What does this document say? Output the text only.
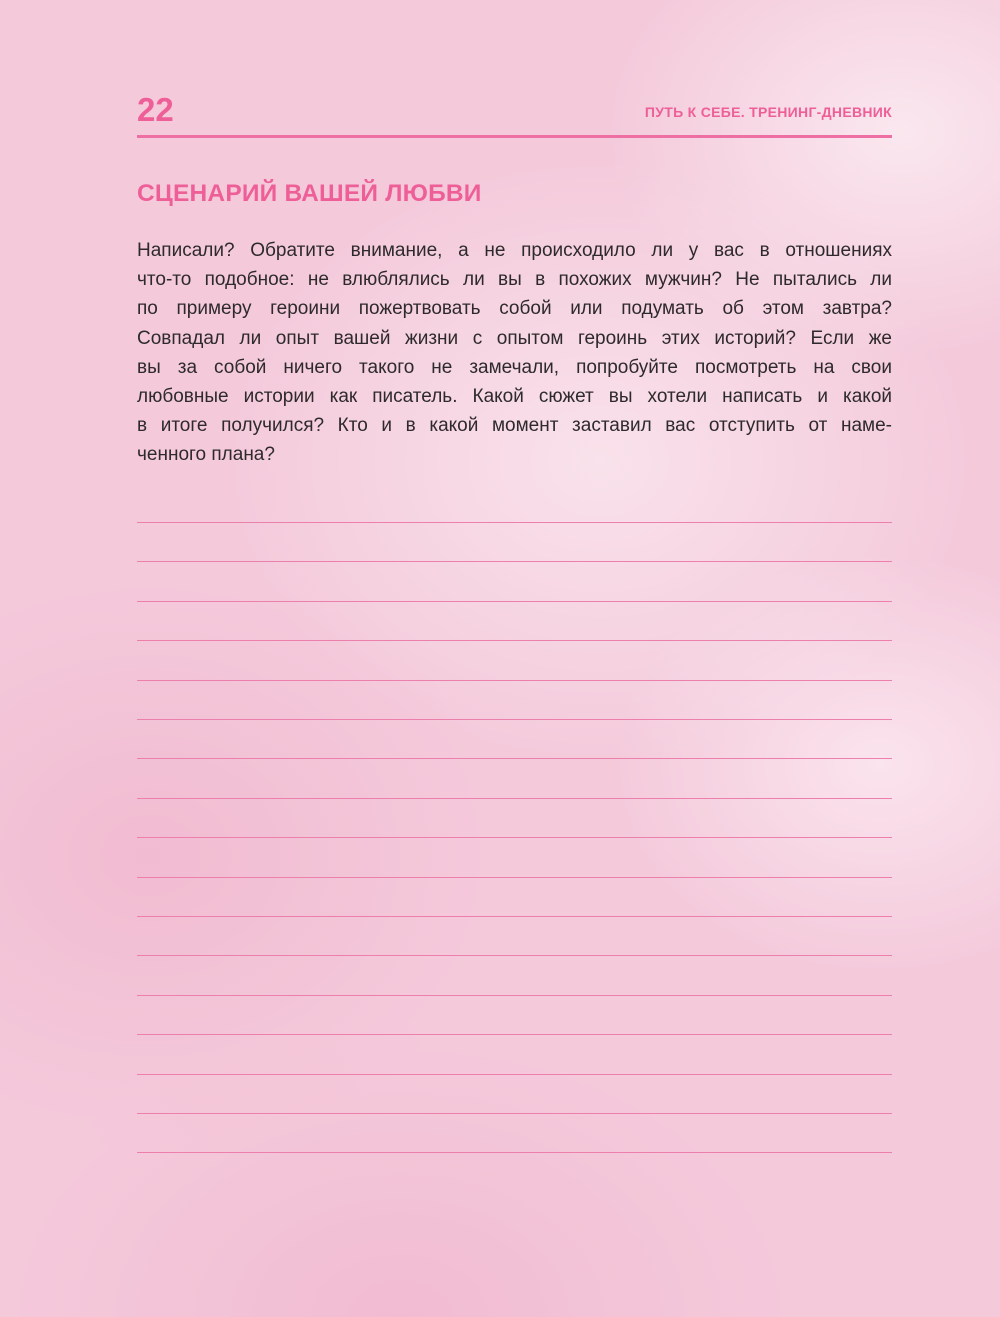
22	ПУТЬ К СЕБЕ. ТРЕНИНГ-ДНЕВНИК
СЦЕНАРИЙ ВАШЕЙ ЛЮБВИ

Написали? Обратите внимание, а не происходило ли у вас в отношениях
что-то подобное: не влюблялись ли вы в похожих мужчин? Не пытались ли
по примеру героини пожертвовать собой или подумать об этом завтра?
Совпадал ли опыт вашей жизни с опытом героинь этих историй? Если же
вы за собой ничего такого не замечали, попробуйте посмотреть на свои
любовные истории как писатель. Какой сюжет вы хотели написать и какой
в итоге получился? Кто и в какой момент заставил вас отступить от наме-
ченного плана?
